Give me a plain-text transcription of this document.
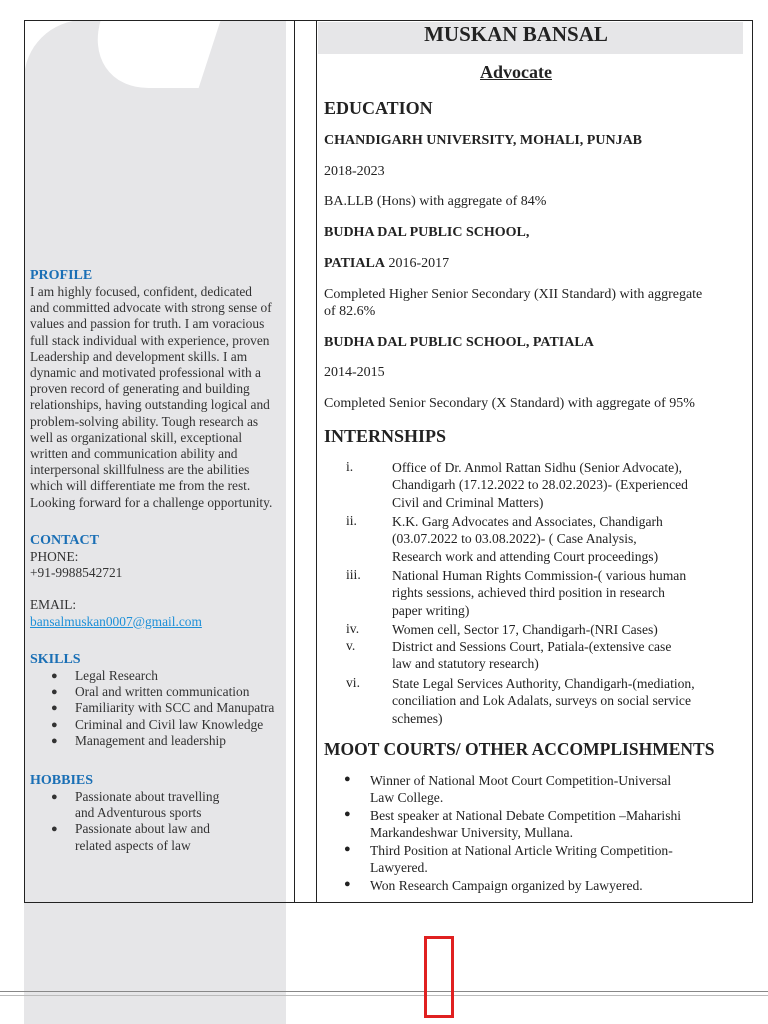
PROFILE
I am highly focused, confident, dedicated
and committed advocate with strong sense of
values and passion for truth. I am voracious
full stack individual with experience, proven
Leadership and development skills. I am
dynamic and motivated professional with a
proven record of generating and building
relationships, having outstanding logical and
problem-solving ability. Tough research as
well as organizational skill, exceptional
written and communication ability and
interpersonal skillfulness are the abilities
which will differentiate me from the rest.
Looking forward for a challenge opportunity.
CONTACT
PHONE:
+91-9988542721
EMAIL:
bansalmuskan0007@gmail.com
SKILLS
● Legal Research
● Oral and written communication
● Familiarity with SCC and Manupatra
● Criminal and Civil law Knowledge
● Management and leadership
HOBBIES
● Passionate about travelling
and Adventurous sports
● Passionate about law and
related aspects of law
MUSKAN BANSAL
Advocate
EDUCATION
CHANDIGARH UNIVERSITY, MOHALI, PUNJAB
2018-2023
BA.LLB (Hons) with aggregate of 84%
BUDHA DAL PUBLIC SCHOOL,
PATIALA 2016-2017
Completed Higher Senior Secondary (XII Standard) with aggregate
of 82.6%
BUDHA DAL PUBLIC SCHOOL, PATIALA
2014-2015
Completed Senior Secondary (X Standard) with aggregate of 95%
INTERNSHIPS
i.	Office of Dr. Anmol Rattan Sidhu (Senior Advocate),
Chandigarh (17.12.2022 to 28.02.2023)- (Experienced
Civil and Criminal Matters)
ii.	K.K. Garg Advocates and Associates, Chandigarh
(03.07.2022 to 03.08.2022)- ( Case Analysis,
Research work and attending Court proceedings)
iii. National Human Rights Commission-( various human
rights sessions, achieved third position in research
paper writing)
iv. Women cell, Sector 17, Chandigarh-(NRI Cases)
v.	District and Sessions Court, Patiala-(extensive case
law and statutory research)
vi. State Legal Services Authority, Chandigarh-(mediation,
conciliation and Lok Adalats, surveys on social service
schemes)
MOOT COURTS/ OTHER ACCOMPLISHMENTS
● Winner of National Moot Court Competition-Universal
Law College.
● Best speaker at National Debate Competition –Maharishi
Markandeshwar University, Mullana.
● Third Position at National Article Writing Competition-
Lawyered.
● Won Research Campaign organized by Lawyered.
